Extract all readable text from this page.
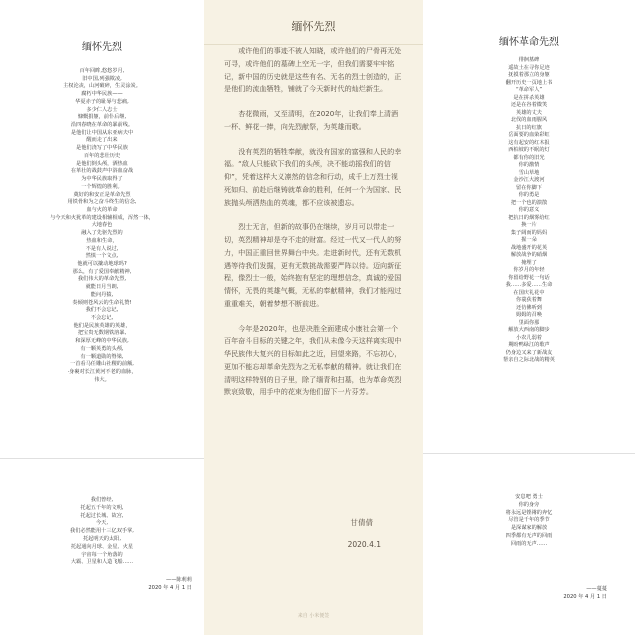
缅怀先烈
百年回眸,悠悠岁月,
旧中国,列强欺凌,
主权沦丧，山河破碎，生灵涂炭。
腐朽中华民族——
华夏赤子的耻辱与悲痛,
多少仁人志士
慷慨捐躯，前仆后继,
沿四春晓在革命的暴前线。
是他们让中国从东亚病夫中
醒而走了出来
是他们浇写了中华民族
百年的悲壮历史
是他们倒头颅，洒热血
在革壮的战鼓声中浴血奋战
为中华民族取得了
一个辉煌的胜利。
奠好的和安正是革命先烈
用铁骨和为之奋斗终生的信念,
血与火的革命
与今天和火犹革的建设相辅相成，浑然一体，
大地春色
融入了先驱先烈的
热血和生命，
不是有人说过,
然慎一个文点,
他就可以撬动地球吗?
那么，有了爱国奉献精神,
我们伟大的革命先烈,
就能日月当朗,
能问丹猿,
奏倾则苍风云的生命礼赞!
我们不会忘记,
不会忘记,
他们是民族英雄的英雄，
把宝贵无数钢铁溶暴,
和深厚无峰的中华民族,
有一颗英勇的头颅,
有一颗道勋的脊梁,
一首看马任雕山社稷的前额,
·身裹对长江黄河不老的血脉，
伟大。
我们曾经,
托起五千年的文明,
托起过长城、故宫,
今天,
我们必然能用十三亿双手掌,
托起明天的太阳,
托起通向月球、金星、火星
宇宙每一个角落的
大霸、卫星和人造飞船……
——陈莉莉
2020 年 4 月 1 日
缅怀先烈

或许他们的事迹不被人知晓，或许他们的尸骨再无处可寻，或许他们的墓碑上空无一字，但我们需要牢牢铭记，新中国的历史就是这些有名、无名的烈士创造的，正是他们的流血牺牲，铺就了今天新时代的灿烂新生。

杏花微雨，又至清明，在2020年，让我们奉上清酒一杯、鲜花一捧，向先烈献祭，为英雄而歌。

没有英烈的牺牲奉献，就没有国家的富强和人民的幸福。“敌人只能砍下我们的头颅，决不能动摇我们的信仰”，凭着这样大义凛然的信念和行动，成千上万烈士视死如归、前赴后继铸就革命的胜利，任何一个为国家、民族抛头颅洒热血的英魂，都不应该被遗忘。

烈士无言，但新的故事仍在继续，岁月可以带走一切，英烈精神却是夺不走的财富。经过一代又一代人的努力，中国正重回世界舞台中央。走进新时代，还有无数机遇等待我们发掘，更有无数挑战需要严阵以待。迈向新征程，像烈士一般，始终抱有坚定的理想信念，真诚的爱国情怀，无畏的英雄气概，无私的奉献精神，我们才能闯过重重难关，朝着梦想不断前进。

今年是2020年，也是决胜全面建成小康社会第一个百年奋斗目标的关键之年，我们从未像今天这样离实现中华民族伟大复兴的目标如此之近，回望来路，不忘初心，更加不能忘却革命先烈为之无私奉献的精神。就让我们在清明这样特别的日子里，除了缅青和扫墓，也为革命英烈默哀致敬，用手中的花束为他们留下一片芬芳。

甘倩倩
2020.4.1
来自 小米便签
缅怀革命先烈
徘徊墓碑
遥故土在寻你足迹
抚摸着那立的身躯
翻开历史一页地上书
“革命军人”
是在拼杀英雄
还是在谷着微笑
英雄的丈夫
北伐的血雨腥风
抗日的红旗
岳面要的血染彩虹
这有起安的红木报
西柏坡的不眠的灯
都有你的旧光
你的激情
雪山草地
金沙江大渡河
留在你脚下
你的勇是
把一个也的溃散
你的意义
把抗日的烟雾给红
换一片
集子阔而的妈妈
握一朵
战地盛开的花英
解放战争的硝烟
掩埋了
你岁月的年轻
你留给野花一句话
我……多爱……生命
在国庆礼花中
你蓑获着舞
还仿佛听到
姆姆的召唤
里面你那
解放大西南的脚步
小农儿弱着
期盼鸭绿江的歌声
仍身边又来了新战友
帮亲自之际北战的精英
安息吧 勇士
你的身旁
将永远是铿锵的奔忆
尽管是千年的季节
是深谋家的解放
四季都有无声的回雨
回雨的无声……
——蔓蔓
2020 年 4 月 1 日
